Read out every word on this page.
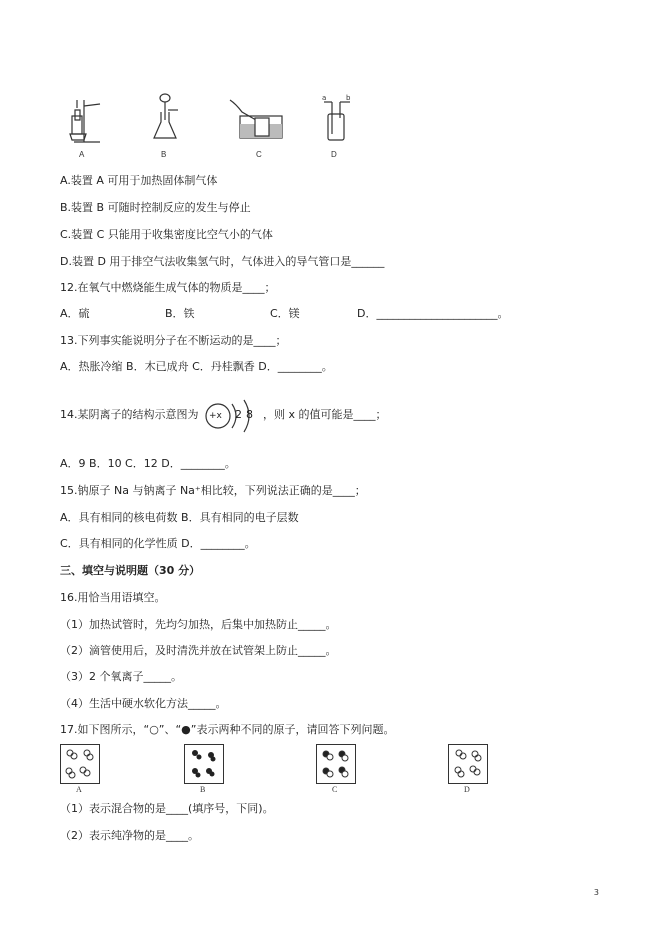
a	b
A	B	C	D
A.装置 A 可用于加热固体制气体
B.装置 B 可随时控制反应的发生与停止
C.装置 C 只能用于收集密度比空气小的气体
D.装置 D 用于排空气法收集氢气时，气体进入的导气管口是______
12.在氧气中燃烧能生成气体的物质是____；
A．硫	B．铁	C．镁	D．______________________。
13.下列事实能说明分子在不断运动的是____；
A．热胀冷缩 B．木已成舟 C．丹桂飘香 D．________。
14.某阴离子的结构示意图为 +x 2 8 ，则 x 的值可能是____；
A．9 B．10 C．12 D．________。
15.钠原子 Na 与钠离子 Na⁺相比较，下列说法正确的是____；
A．具有相同的核电荷数 B．具有相同的电子层数
C．具有相同的化学性质 D．________。
三、填空与说明题（30 分）
16.用恰当用语填空。
（1）加热试管时，先均匀加热，后集中加热防止_____。
（2）滴管使用后，及时清洗并放在试管架上防止_____。
（3）2 个氧离子_____。
（4）生活中硬水软化方法_____。
17.如下图所示，“○”、“●”表示两种不同的原子，请回答下列问题。
A	B	C	D
（1）表示混合物的是____(填序号，下同)。
（2）表示纯净物的是____。
3
